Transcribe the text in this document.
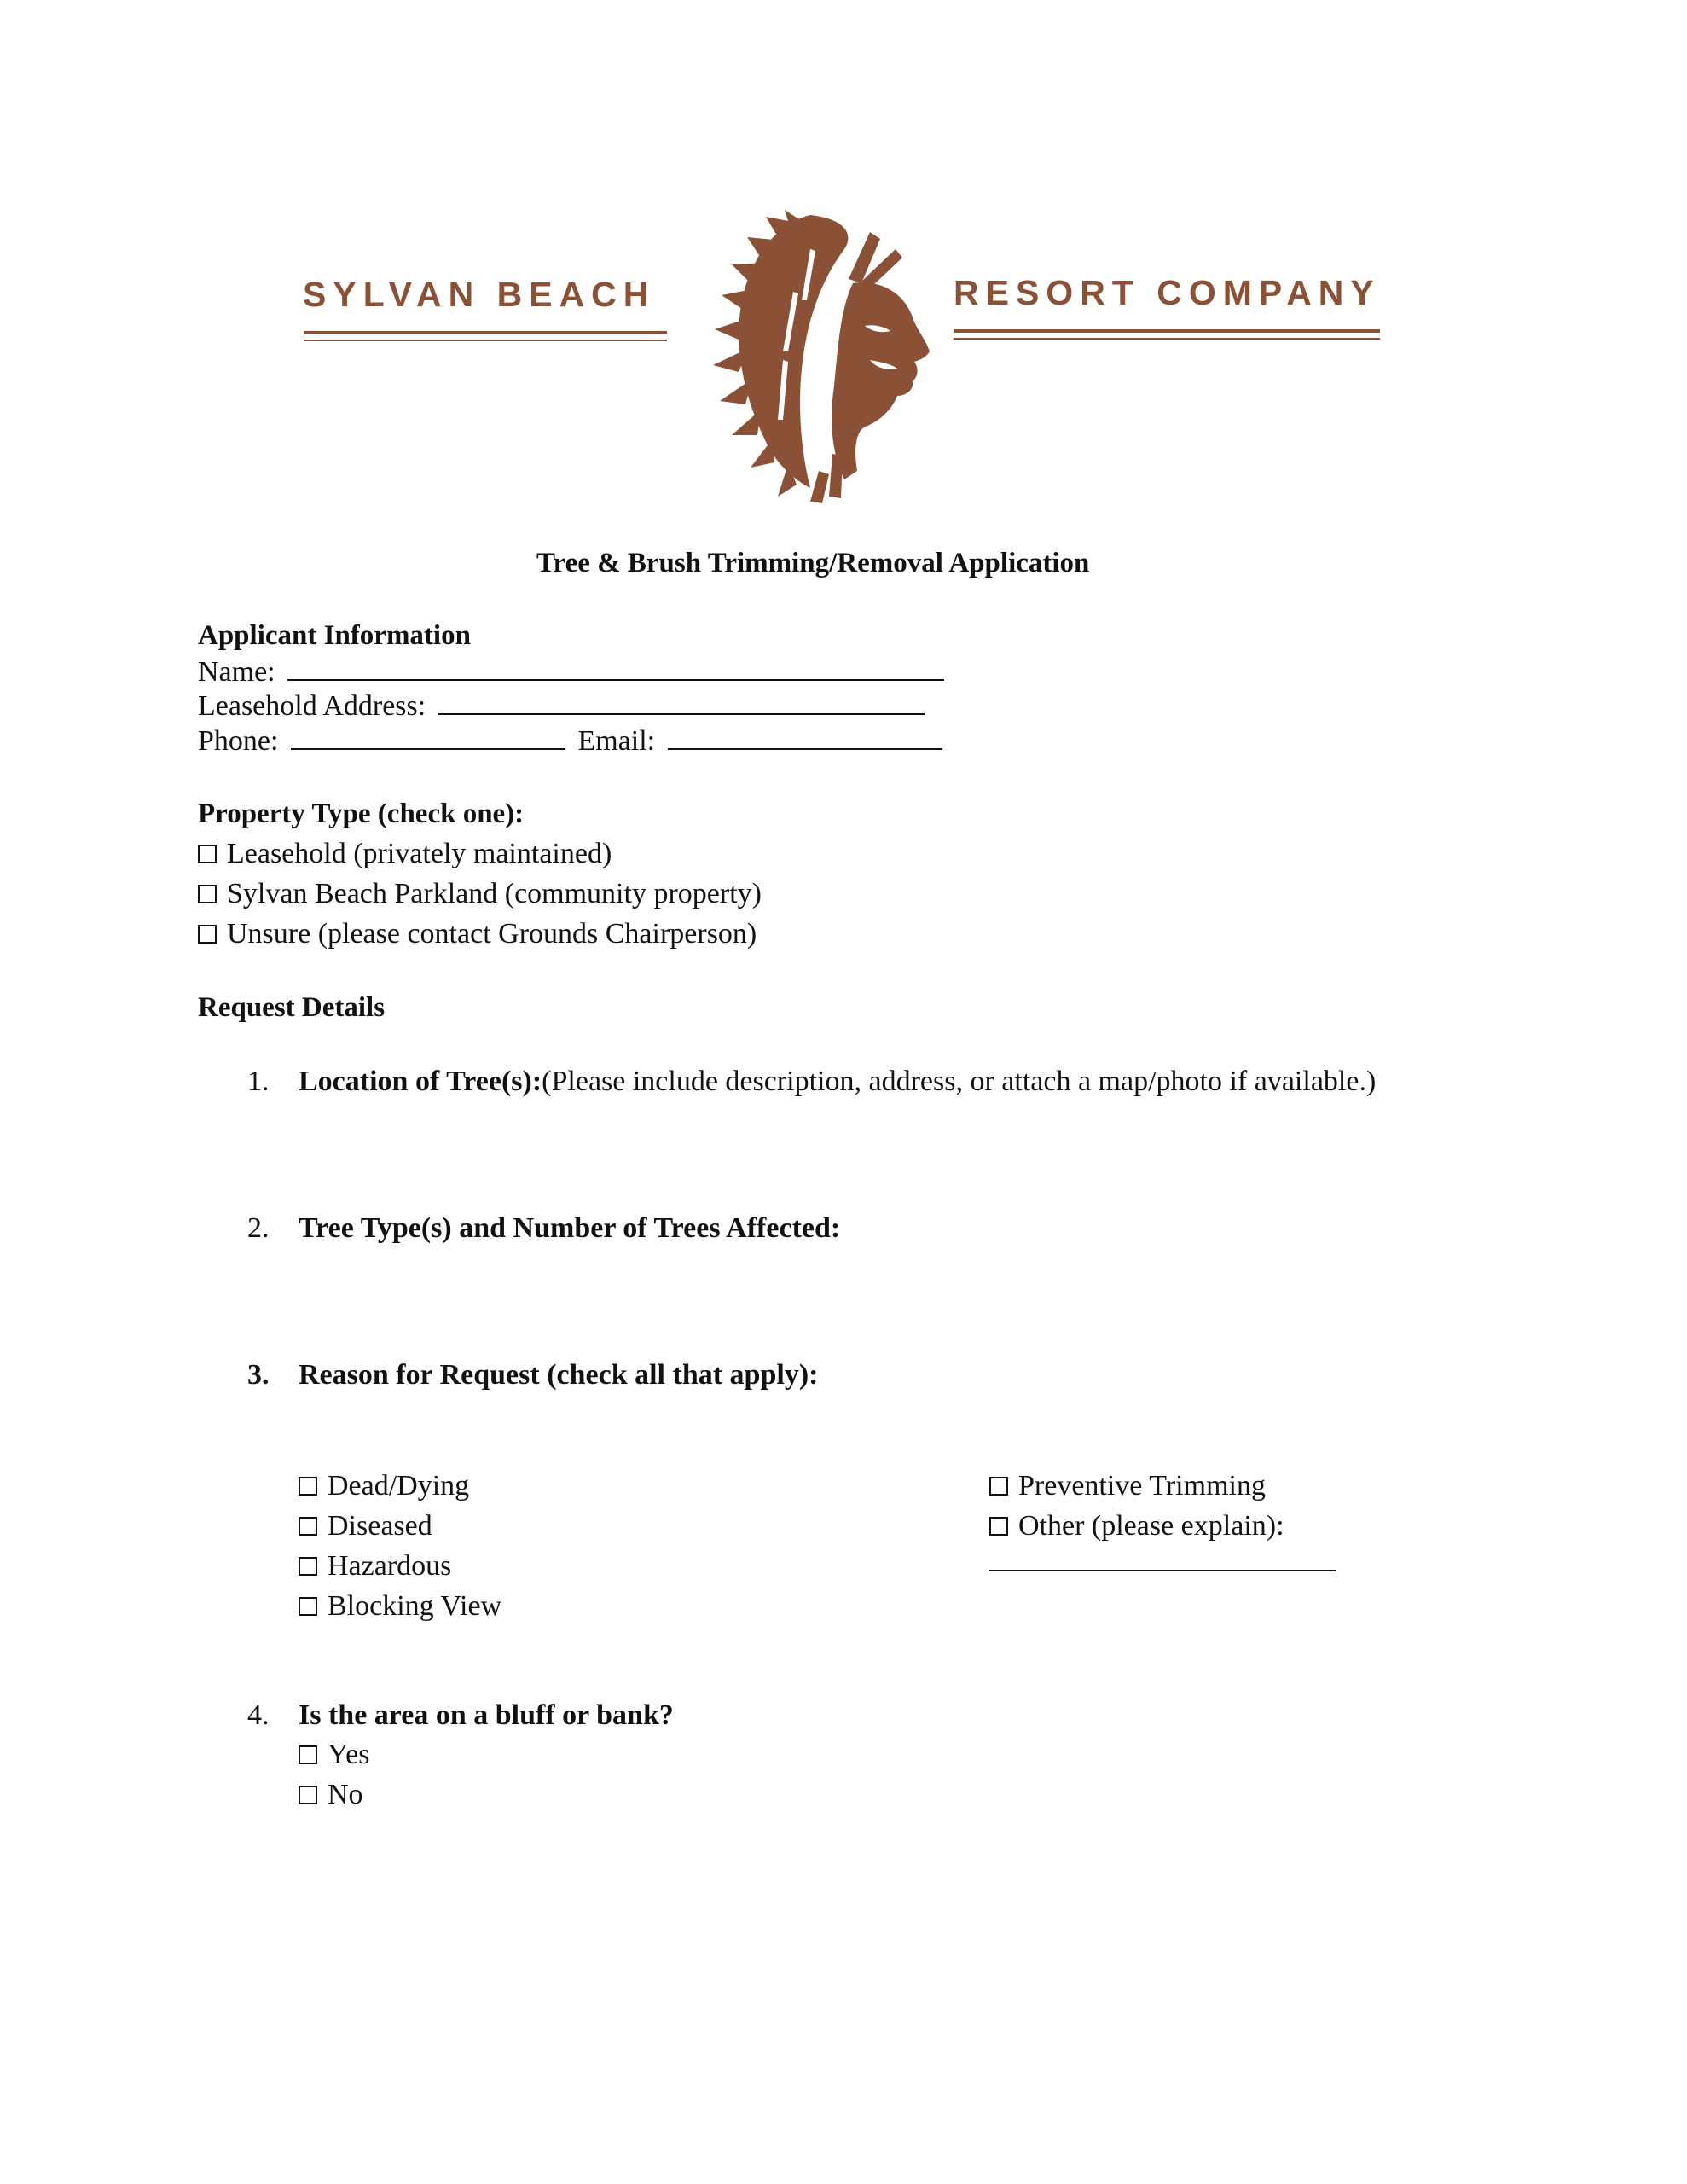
SYLVAN BEACH	RESORT COMPANY
Tree & Brush Trimming/Removal Application
Applicant Information
Name:
Leasehold Address:
Phone:	Email:
Property Type (check one):
Leasehold (privately maintained)
Sylvan Beach Parkland (community property)
Unsure (please contact Grounds Chairperson)
Request Details
1. Location of Tree(s):(Please include description, address, or attach a map/photo if available.)
2. Tree Type(s) and Number of Trees Affected:
3. Reason for Request (check all that apply):
Dead/Dying
Diseased
Hazardous
Blocking View
Preventive Trimming
Other (please explain):
4. Is the area on a bluff or bank?
Yes
No
